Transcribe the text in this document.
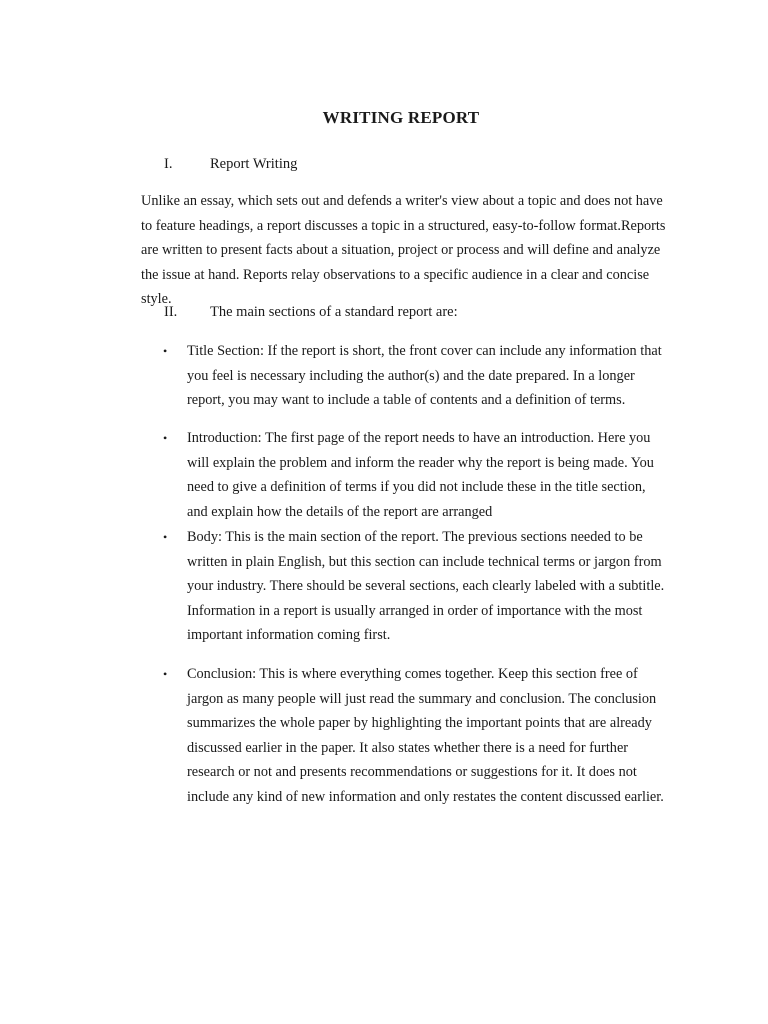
WRITING REPORT
I.	Report Writing
Unlike an essay, which sets out and defends a writer's view about a topic and does not have to feature headings, a report discusses a topic in a structured, easy-to-follow format.Reports are written to present facts about a situation, project or process and will define and analyze the issue at hand. Reports relay observations to a specific audience in a clear and concise style.
II. The main sections of a standard report are:
•	Title Section: If the report is short, the front cover can include any information that you feel is necessary including the author(s) and the date prepared. In a longer report, you may want to include a table of contents and a definition of terms.
•	Introduction: The first page of the report needs to have an introduction. Here you will explain the problem and inform the reader why the report is being made. You need to give a definition of terms if you did not include these in the title section, and explain how the details of the report are arranged
•	Body: This is the main section of the report. The previous sections needed to be written in plain English, but this section can include technical terms or jargon from your industry. There should be several sections, each clearly labeled with a subtitle. Information in a report is usually arranged in order of importance with the most important information coming first.
•	Conclusion: This is where everything comes together. Keep this section free of jargon as many people will just read the summary and conclusion. The conclusion summarizes the whole paper by highlighting the important points that are already discussed earlier in the paper. It also states whether there is a need for further research or not and presents recommendations or suggestions for it. It does not include any kind of new information and only restates the content discussed earlier.
